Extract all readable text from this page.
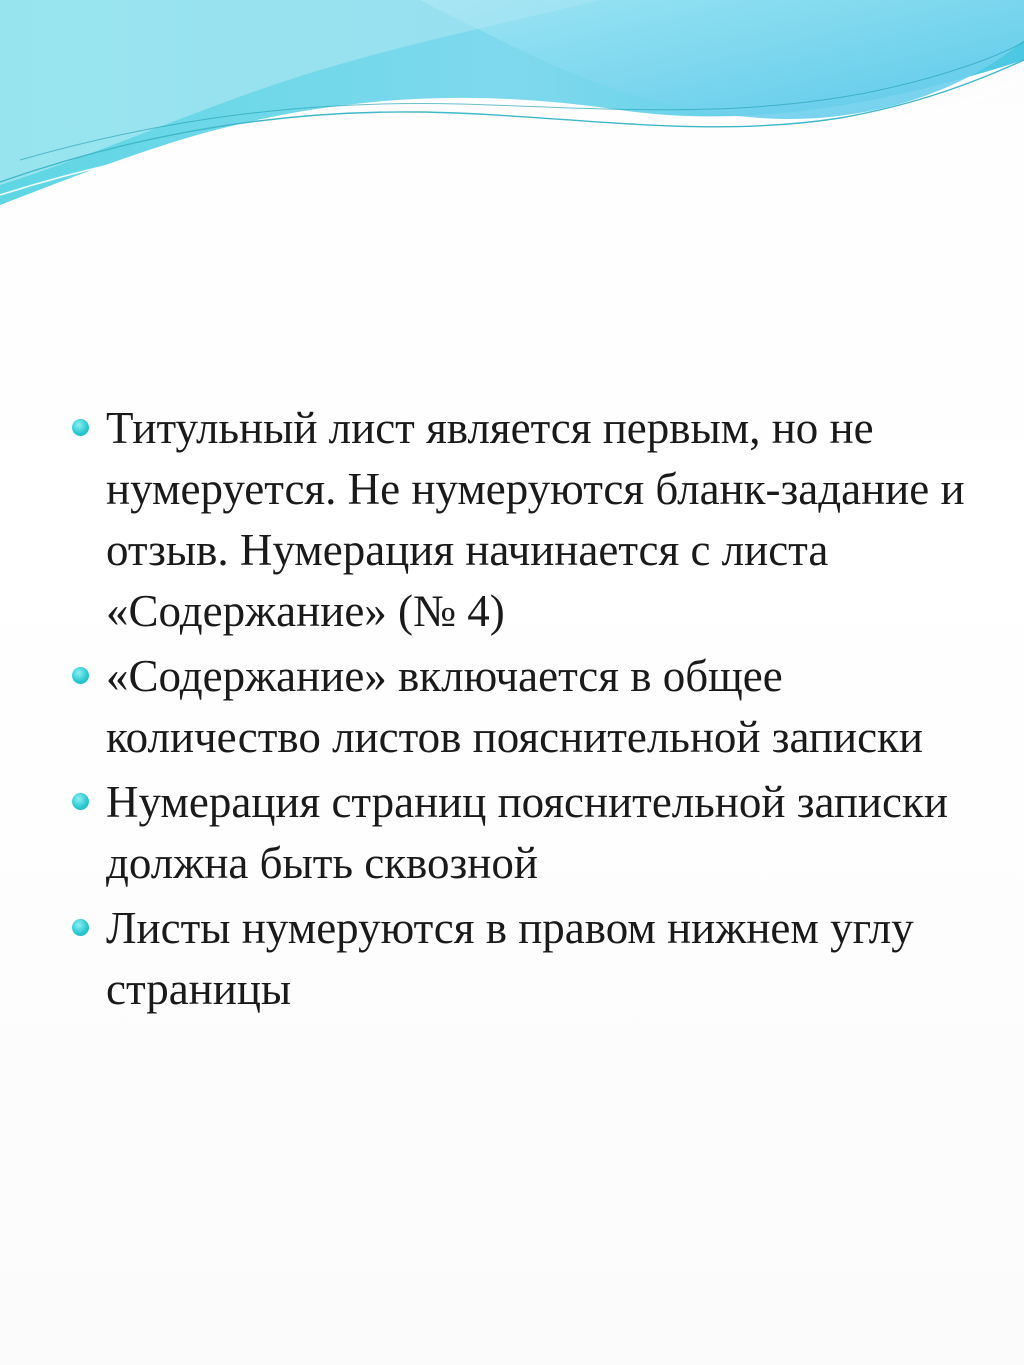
Титульный лист является первым, но не нумеруется. Не нумеруются бланк-задание и отзыв. Нумерация начинается с листа «Содержание» (№ 4)
«Содержание» включается в общее количество листов пояснительной записки
Нумерация страниц пояснительной записки должна быть сквозной
Листы нумеруются в правом нижнем углу страницы
